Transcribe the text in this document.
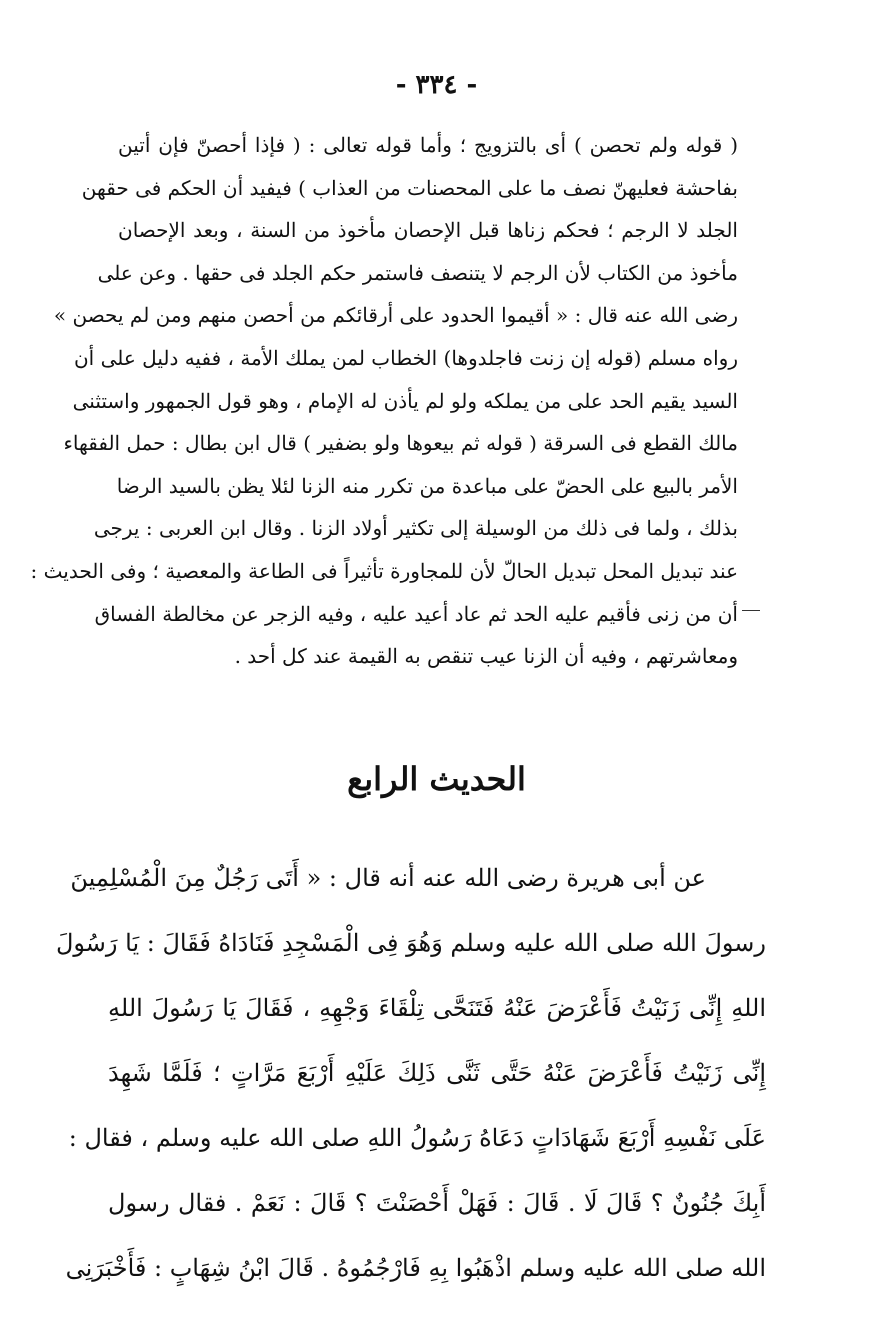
- ٣٣٤ -
( قوله ولم تحصن ) أى بالتزويج ؛ وأما قوله تعالى : ( فإذا أحصنّ فإن أتين
بفاحشة فعليهنّ نصف ما على المحصنات من العذاب ) فيفيد أن الحكم فى حقهن
الجلد لا الرجم ؛ فحكم زناها قبل الإحصان مأخوذ من السنة ، وبعد الإحصان
مأخوذ من الكتاب لأن الرجم لا يتنصف فاستمر حكم الجلد فى حقها . وعن على
رضى الله عنه قال : « أقيموا الحدود على أرقائكم من أحصن منهم ومن لم يحصن »
رواه مسلم (قوله إن زنت فاجلدوها) الخطاب لمن يملك الأمة ، ففيه دليل على أن
السيد يقيم الحد على من يملكه ولو لم يأذن له الإمام ، وهو قول الجمهور واستثنى
مالك القطع فى السرقة ( قوله ثم بيعوها ولو بضفير ) قال ابن بطال : حمل الفقهاء
الأمر بالبيع على الحضّ على مباعدة من تكرر منه الزنا لئلا يظن بالسيد الرضا
بذلك ، ولما فى ذلك من الوسيلة إلى تكثير أولاد الزنا . وقال ابن العربى : يرجى
عند تبديل المحل تبديل الحالّ لأن للمجاورة تأثيراً فى الطاعة والمعصية ؛ وفى الحديث :
أن من زنى فأقيم عليه الحد ثم عاد أعيد عليه ، وفيه الزجر عن مخالطة الفساق
ومعاشرتهم ، وفيه أن الزنا عيب تنقص به القيمة عند كل أحد .
الحديث الرابع
عن أبى هريرة رضى الله عنه أنه قال : « أَتَى رَجُلٌ مِنَ الْمُسْلِمِينَ
رسولَ الله صلى الله عليه وسلم وَهُوَ فِى الْمَسْجِدِ فَنَادَاهُ فَقَالَ : يَا رَسُولَ
اللهِ إِنِّى زَنَيْتُ فَأَعْرَضَ عَنْهُ فَتَنَحَّى تِلْقَاءَ وَجْهِهِ ، فَقَالَ يَا رَسُولَ اللهِ
إِنِّى زَنَيْتُ فَأَعْرَضَ عَنْهُ حَتَّى ثَنَّى ذَلِكَ عَلَيْهِ أَرْبَعَ مَرَّاتٍ ؛ فَلَمَّا شَهِدَ
عَلَى نَفْسِهِ أَرْبَعَ شَهَادَاتٍ دَعَاهُ رَسُولُ اللهِ صلى الله عليه وسلم ، فقال :
أَبِكَ جُنُونٌ ؟ قَالَ لَا . قَالَ : فَهَلْ أَحْصَنْتَ ؟ قَالَ : نَعَمْ . فقال رسول
الله صلى الله عليه وسلم اذْهَبُوا بِهِ فَارْجُمُوهُ . قَالَ ابْنُ شِهَابٍ : فَأَخْبَرَنِى
